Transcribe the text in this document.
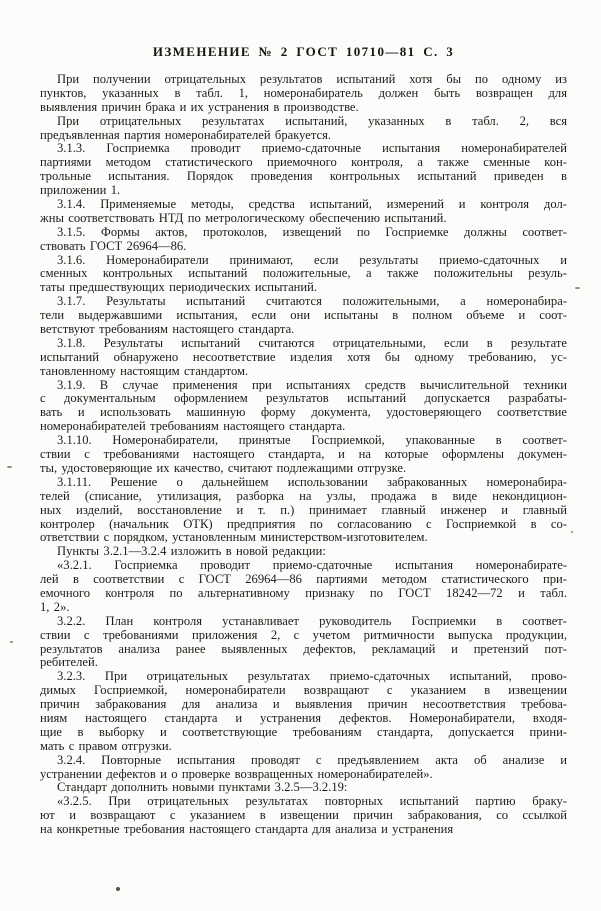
ИЗМЕНЕНИЕ № 2 ГОСТ 10710—81 С. 3
При получении отрицательных результатов испытаний хотя бы по одному из
пунктов, указанных в табл. 1, номеронабиратель должен быть возвращен для
выявления причин брака и их устранения в производстве.
При отрицательных результатах испытаний, указанных в табл. 2, вся
предъявленная партия номеронабирателей бракуется.
3.1.3. Госприемка проводит приемо-сдаточные испытания номеронабирателей
партиями методом статистического приемочного контроля, а также сменные кон-
трольные испытания. Порядок проведения контрольных испытаний приведен в
приложении 1.
3.1.4. Применяемые методы, средства испытаний, измерений и контроля дол-
жны соответствовать НТД по метрологическому обеспечению испытаний.
3.1.5. Формы актов, протоколов, извещений по Госприемке должны соответ-
ствовать ГОСТ 26964—86.
3.1.6. Номеронабиратели принимают, если результаты приемо-сдаточных и
сменных контрольных испытаний положительные, а также положительны резуль-
таты предшествующих периодических испытаний.
3.1.7. Результаты испытаний считаются положительными, а номеронабира-
тели выдержавшими испытания, если они испытаны в полном объеме и соот-
ветствуют требованиям настоящего стандарта.
3.1.8. Результаты испытаний считаются отрицательными, если в результате
испытаний обнаружено несоответствие изделия хотя бы одному требованию, ус-
тановленному настоящим стандартом.
3.1.9. В случае применения при испытаниях средств вычислительной техники
с документальным оформлением результатов испытаний допускается разрабаты-
вать и использовать машинную форму документа, удостоверяющего соответствие
номеронабирателей требованиям настоящего стандарта.
3.1.10. Номеронабиратели, принятые Госприемкой, упакованные в соответ-
ствии с требованиями настоящего стандарта, и на которые оформлены докумен-
ты, удостоверяющие их качество, считают подлежащими отгрузке.
3.1.11. Решение о дальнейшем использовании забракованных номеронабира-
телей (списание, утилизация, разборка на узлы, продажа в виде некондицион-
ных изделий, восстановление и т. п.) принимает главный инженер и главный
контролер (начальник ОТК) предприятия по согласованию с Госприемкой в со-
ответствии с порядком, установленным министерством-изготовителем.
Пункты 3.2.1—3.2.4 изложить в новой редакции:
«3.2.1. Госприемка проводит приемо-сдаточные испытания номеронабирате-
лей в соответствии с ГОСТ 26964—86 партиями методом статистического при-
емочного контроля по альтернативному признаку по ГОСТ 18242—72 и табл.
1, 2».
3.2.2. План контроля устанавливает руководитель Госприемки в соответ-
ствии с требованиями приложения 2, с учетом ритмичности выпуска продукции,
результатов анализа ранее выявленных дефектов, рекламаций и претензий пот-
ребителей.
3.2.3. При отрицательных результатах приемо-сдаточных испытаний, прово-
димых Госприемкой, номеронабиратели возвращают с указанием в извещении
причин забракования для анализа и выявления причин несоответствия требова-
ниям настоящего стандарта и устранения дефектов. Номеронабиратели, входя-
щие в выборку и соответствующие требованиям стандарта, допускается прини-
мать с правом отгрузки.
3.2.4. Повторные испытания проводят с предъявлением акта об анализе и
устранении дефектов и о проверке возвращенных номеронабирателей».
Стандарт дополнить новыми пунктами 3.2.5—3.2.19:
«3.2.5. При отрицательных результатах повторных испытаний партию браку-
ют и возвращают с указанием в извещении причин забракования, со ссылкой
на конкретные требования настоящего стандарта для анализа и устранения
